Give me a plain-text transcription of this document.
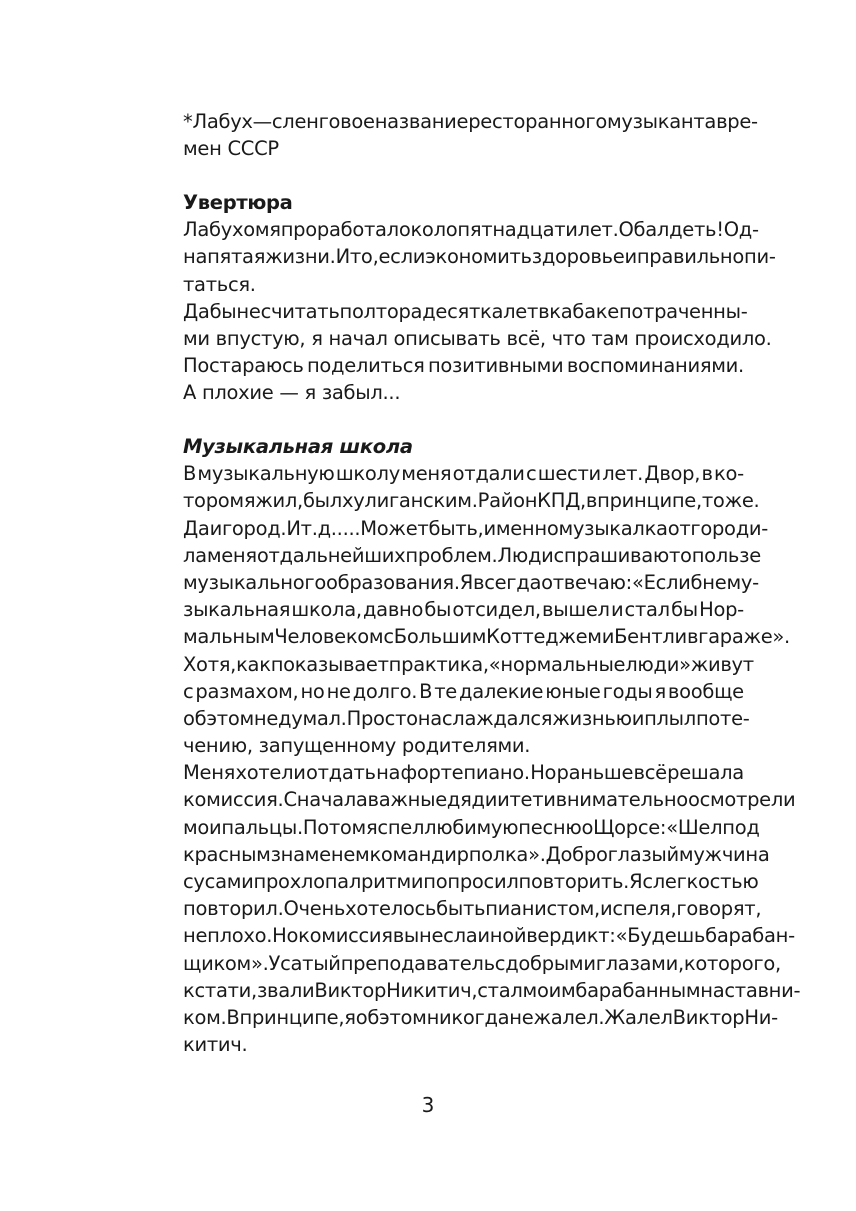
*Лабух — сленговое название ресторанного музыканта вре-
мен СССР
Увертюра
Лабухом я проработал около пятнадцати лет. Обалдеть! Од-
на пятая жизни. И то, если экономить здоровье и правильно пи-
таться.
Дабы не считать полтора десятка лет в кабаке потраченны-
ми впустую, я начал описывать всё, что там происходило.
Постараюсь поделиться позитивными воспоминаниями.
А плохие — я забыл...
Музыкальная школа
В музыкальную школу меня отдали с шести лет. Двор, в ко-
тором я жил, был хулиганским. Район КПД, в принципе, тоже.
Да и город. И т.д..... Может быть, именно музыкалка отгороди-
ла меня от дальнейших проблем. Люди спрашивают о пользе
музыкального образования. Я всегда отвечаю: «Если б не му-
зыкальная школа, давно бы отсидел, вышел и стал бы Нор-
мальным Человеком с Большим Коттеджем и Бентли в гараже».
Хотя, как показывает практика, «нормальные люди» живут
с размахом, но не долго. В те далекие юные годы я вообще
об этом не думал. Просто наслаждался жизнью и плыл по те-
чению, запущенному родителями.
Меня хотели отдать на фортепиано. Но раньше всё решала
комиссия. Сначала важные дяди и тети внимательно осмотрели
мои пальцы. Потом я спел любимую песню о Щорсе: «Шел под
красным знаменем командир полка». Доброглазый мужчина
с усами прохлопал ритм и попросил повторить. Я с легкостью
повторил. Очень хотелось быть пианистом, и спел я, говорят,
неплохо. Но комиссия вынесла иной вердикт: «Будешь барабан-
щиком». Усатый преподаватель с добрыми глазами, которого,
кстати, звали Виктор Никитич, стал моим барабанным наставни-
ком. В принципе, я об этом никогда не жалел. Жалел Виктор Ни-
китич.
3
